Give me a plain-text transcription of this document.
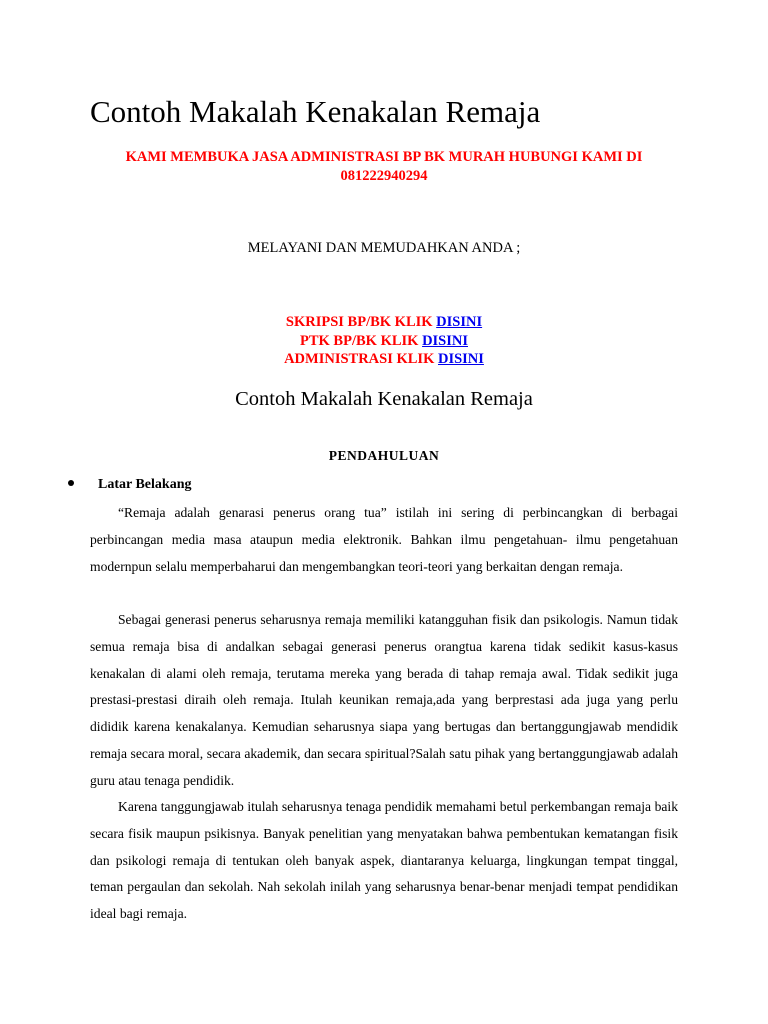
Contoh Makalah Kenakalan Remaja

KAMI MEMBUKA JASA ADMINISTRASI BP BK MURAH HUBUNGI KAMI DI
081222940294

MELAYANI DAN MEMUDAHKAN ANDA ;

SKRIPSI BP/BK KLIK DISINI
PTK BP/BK KLIK DISINI
ADMINISTRASI KLIK DISINI

Contoh Makalah Kenakalan Remaja
PENDAHULUAN
Latar Belakang

“Remaja adalah genarasi penerus orang tua” istilah ini sering di perbincangkan di berbagai perbincangan media masa ataupun media elektronik. Bahkan ilmu pengetahuan- ilmu pengetahuan modernpun selalu memperbaharui dan mengembangkan teori-teori yang berkaitan dengan remaja.

Sebagai generasi penerus seharusnya remaja memiliki katangguhan fisik dan psikologis. Namun tidak semua remaja bisa di andalkan sebagai generasi penerus orangtua karena tidak sedikit kasus-kasus kenakalan di alami oleh remaja, terutama mereka yang berada di tahap remaja awal. Tidak sedikit juga prestasi-prestasi diraih oleh remaja. Itulah keunikan remaja,ada yang berprestasi ada juga yang perlu dididik karena kenakalanya. Kemudian seharusnya siapa yang bertugas dan bertanggungjawab mendidik remaja secara moral, secara akademik, dan secara spiritual?Salah satu pihak yang bertanggungjawab adalah guru atau tenaga pendidik.

Karena tanggungjawab itulah seharusnya tenaga pendidik memahami betul perkembangan remaja baik secara fisik maupun psikisnya. Banyak penelitian yang menyatakan bahwa pembentukan kematangan fisik dan psikologi remaja di tentukan oleh banyak aspek, diantaranya keluarga, lingkungan tempat tinggal, teman pergaulan dan sekolah. Nah sekolah inilah yang seharusnya benar-benar menjadi tempat pendidikan ideal bagi remaja.
